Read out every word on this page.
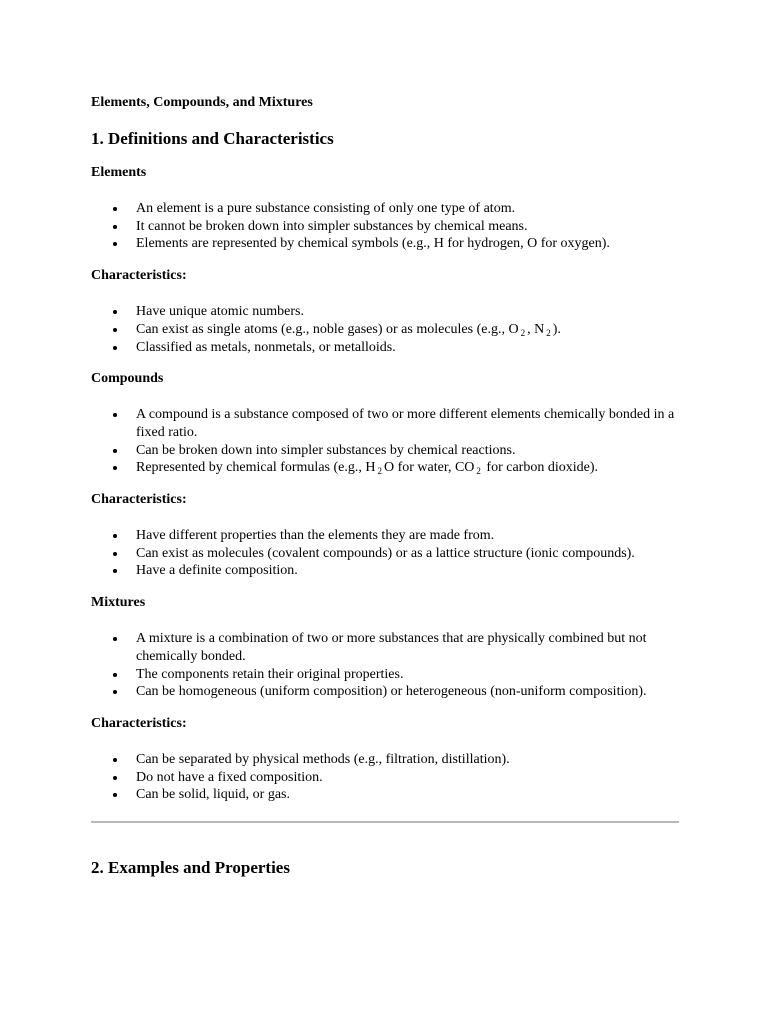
Elements, Compounds, and Mixtures

1. Definitions and Characteristics
Elements
An element is a pure substance consisting of only one type of atom.
It cannot be broken down into simpler substances by chemical means.
Elements are represented by chemical symbols (e.g., H for hydrogen, O for oxygen).
Characteristics:
Have unique atomic numbers.
Can exist as single atoms (e.g., noble gases) or as molecules (e.g., O $_2$ , N $_2$ ).
Classified as metals, nonmetals, or metalloids.
Compounds
A compound is a substance composed of two or more different elements chemically bonded in a fixed ratio.
Can be broken down into simpler substances by chemical reactions.
Represented by chemical formulas (e.g., H $_2$ O for water, CO $_2$ for carbon dioxide).
Characteristics:
Have different properties than the elements they are made from.
Can exist as molecules (covalent compounds) or as a lattice structure (ionic compounds).
Have a definite composition.
Mixtures
A mixture is a combination of two or more substances that are physically combined but not chemically bonded.
The components retain their original properties.
Can be homogeneous (uniform composition) or heterogeneous (non-uniform composition).
Characteristics:
Can be separated by physical methods (e.g., filtration, distillation).
Do not have a fixed composition.
Can be solid, liquid, or gas.
2. Examples and Properties
